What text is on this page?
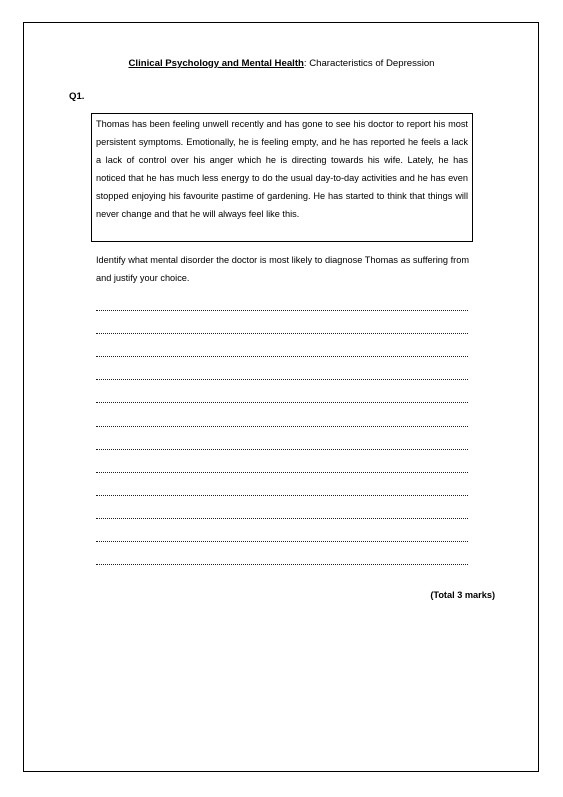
Clinical Psychology and Mental Health: Characteristics of Depression
Q1.
Thomas has been feeling unwell recently and has gone to see his doctor to report his most persistent symptoms. Emotionally, he is feeling empty, and he has reported he feels a lack a lack of control over his anger which he is directing towards his wife. Lately, he has noticed that he has much less energy to do the usual day-to-day activities and he has even stopped enjoying his favourite pastime of gardening. He has started to think that things will never change and that he will always feel like this.
Identify what mental disorder the doctor is most likely to diagnose Thomas as suffering from and justify your choice.
(Total 3 marks)
